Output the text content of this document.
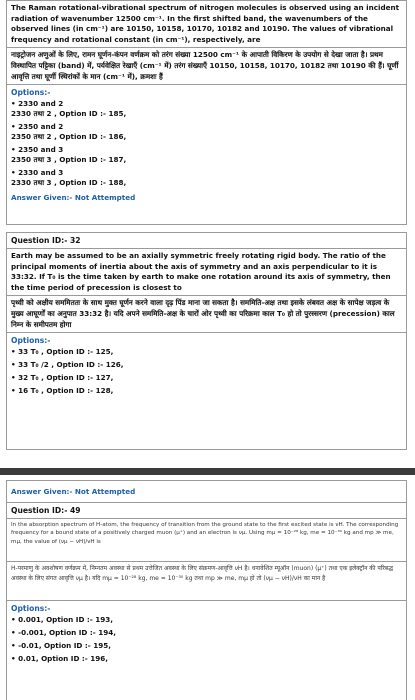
The Raman rotational-vibrational spectrum of nitrogen molecules is observed using an incident radiation of wavenumber 12500 cm⁻¹. In the first shifted band, the wavenumbers of the observed lines (in cm⁻¹) are 10150, 10158, 10170, 10182 and 10190. The values of vibrational frequency and rotational constant (in cm⁻¹), respectively, are
नाइट्रोजन अणुओं के लिए, रामन घूर्णन-कंपन वर्णक्रम को तरंग संख्या 12500 cm⁻¹ के आपाती विकिरण के उपयोग से देखा जाता है। प्रथम विस्थापित पट्टिका (band) में, पर्यवेक्षित रेखाएँ (cm⁻¹ में) तरंग संख्याएँ 10150, 10158, 10170, 10182 तथा 10190 की हैं। घूर्णी आवृत्ति तथा घूर्णी स्थिरांकों के मान (cm⁻¹ में), क्रमशः हैं
Options:-
• 2330 and 2
2330 तथा 2 , Option ID :- 185,
• 2350 and 2
2350 तथा 2 , Option ID :- 186,
• 2350 and 3
2350 तथा 3 , Option ID :- 187,
• 2330 and 3
2330 तथा 3 , Option ID :- 188,
Answer Given:- Not Attempted
Question ID:- 32
Earth may be assumed to be an axially symmetric freely rotating rigid body. The ratio of the principal moments of inertia about the axis of symmetry and an axis perpendicular to it is 33:32. If T₀ is the time taken by earth to make one rotation around its axis of symmetry, then the time period of precession is closest to
पृथ्वी को अक्षीय सममिततः के साथ मुक्त घूर्णन करने वाला दृढ़ पिंड माना जा सकता है। सममिति-अक्ष तथा इसके लंबवत अक्ष के सापेक्ष जड़त्व के मुख्य आघूर्णों का अनुपात 33:32 है। यदि अपने सममिति-अक्ष के चारों ओर पृथ्वी का परिक्रमा काल T₀ हो तो पुरस्सरण (precession) काल निम्न के समीपतम होगा
Options:-
• 33 T₀ , Option ID :- 125,
• 33 T₀ /2 , Option ID :- 126,
• 32 T₀ , Option ID :- 127,
• 16 T₀ , Option ID :- 128,
Answer Given:- Not Attempted
Question ID:- 49
In the absorption spectrum of H-atom, the frequency of transition from the ground state to the first excited state is νH. The corresponding frequency for a bound state of a positively charged muon (μ⁺) and an electron is νμ. Using mμ = 10⁻²⁸ kg, me = 10⁻³⁰ kg and mp ≫ me, mμ, the value of (νμ − νH)/νH is
H-परमाणु के अवशोषण वर्णक्रम में, निम्नतम अवस्था से प्रथम उत्तेजित अवस्था के लिए संक्रमण-आवृत्ति νH है। धनावेशित म्यूऑन (muon) (μ⁺) तथा एक इलेक्ट्रॉन की परिबद्ध अवस्था के लिए संगत आवृत्ति νμ है। यदि mμ = 10⁻²⁸ kg, me = 10⁻³⁰ kg तथा mp ≫ me, mμ हो तो (νμ − νH)/νH का मान है
Options:-
• 0.001, Option ID :- 193,
• -0.001, Option ID :- 194,
• -0.01, Option ID :- 195,
• 0.01, Option ID :- 196,
